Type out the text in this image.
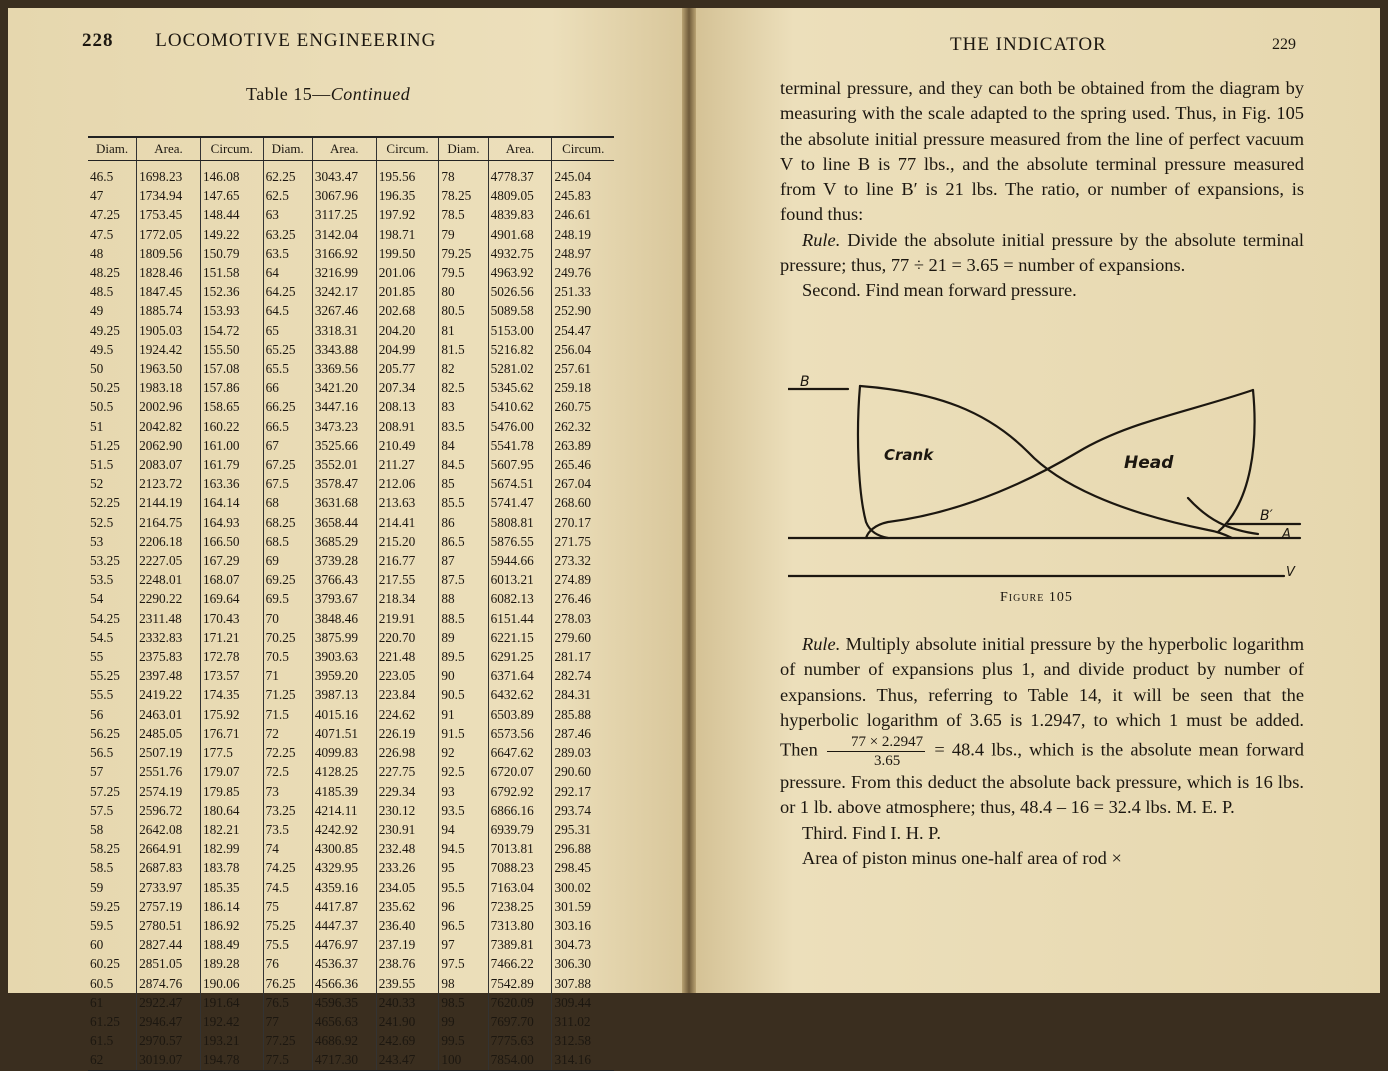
228 LOCOMOTIVE ENGINEERING
Table 15—Continued
Diam.	Area.	Circum.	Diam.	Area.	Circum.	Diam.	Area.	Circum.
46.5	1698.23	146.08	62.25	3043.47	195.56	78	4778.37	245.04
47	1734.94	147.65	62.5	3067.96	196.35	78.25	4809.05	245.83
47.25	1753.45	148.44	63	3117.25	197.92	78.5	4839.83	246.61
47.5	1772.05	149.22	63.25	3142.04	198.71	79	4901.68	248.19
48	1809.56	150.79	63.5	3166.92	199.50	79.25	4932.75	248.97
48.25	1828.46	151.58	64	3216.99	201.06	79.5	4963.92	249.76
48.5	1847.45	152.36	64.25	3242.17	201.85	80	5026.56	251.33
49	1885.74	153.93	64.5	3267.46	202.68	80.5	5089.58	252.90
49.25	1905.03	154.72	65	3318.31	204.20	81	5153.00	254.47
49.5	1924.42	155.50	65.25	3343.88	204.99	81.5	5216.82	256.04
50	1963.50	157.08	65.5	3369.56	205.77	82	5281.02	257.61
50.25	1983.18	157.86	66	3421.20	207.34	82.5	5345.62	259.18
50.5	2002.96	158.65	66.25	3447.16	208.13	83	5410.62	260.75
51	2042.82	160.22	66.5	3473.23	208.91	83.5	5476.00	262.32
51.25	2062.90	161.00	67	3525.66	210.49	84	5541.78	263.89
51.5	2083.07	161.79	67.25	3552.01	211.27	84.5	5607.95	265.46
52	2123.72	163.36	67.5	3578.47	212.06	85	5674.51	267.04
52.25	2144.19	164.14	68	3631.68	213.63	85.5	5741.47	268.60
52.5	2164.75	164.93	68.25	3658.44	214.41	86	5808.81	270.17
53	2206.18	166.50	68.5	3685.29	215.20	86.5	5876.55	271.75
53.25	2227.05	167.29	69	3739.28	216.77	87	5944.66	273.32
53.5	2248.01	168.07	69.25	3766.43	217.55	87.5	6013.21	274.89
54	2290.22	169.64	69.5	3793.67	218.34	88	6082.13	276.46
54.25	2311.48	170.43	70	3848.46	219.91	88.5	6151.44	278.03
54.5	2332.83	171.21	70.25	3875.99	220.70	89	6221.15	279.60
55	2375.83	172.78	70.5	3903.63	221.48	89.5	6291.25	281.17
55.25	2397.48	173.57	71	3959.20	223.05	90	6371.64	282.74
55.5	2419.22	174.35	71.25	3987.13	223.84	90.5	6432.62	284.31
56	2463.01	175.92	71.5	4015.16	224.62	91	6503.89	285.88
56.25	2485.05	176.71	72	4071.51	226.19	91.5	6573.56	287.46
56.5	2507.19	177.5	72.25	4099.83	226.98	92	6647.62	289.03
57	2551.76	179.07	72.5	4128.25	227.75	92.5	6720.07	290.60
57.25	2574.19	179.85	73	4185.39	229.34	93	6792.92	292.17
57.5	2596.72	180.64	73.25	4214.11	230.12	93.5	6866.16	293.74
58	2642.08	182.21	73.5	4242.92	230.91	94	6939.79	295.31
58.25	2664.91	182.99	74	4300.85	232.48	94.5	7013.81	296.88
58.5	2687.83	183.78	74.25	4329.95	233.26	95	7088.23	298.45
59	2733.97	185.35	74.5	4359.16	234.05	95.5	7163.04	300.02
59.25	2757.19	186.14	75	4417.87	235.62	96	7238.25	301.59
59.5	2780.51	186.92	75.25	4447.37	236.40	96.5	7313.80	303.16
60	2827.44	188.49	75.5	4476.97	237.19	97	7389.81	304.73
60.25	2851.05	189.28	76	4536.37	238.76	97.5	7466.22	306.30
60.5	2874.76	190.06	76.25	4566.36	239.55	98	7542.89	307.88
61	2922.47	191.64	76.5	4596.35	240.33	98.5	7620.09	309.44
61.25	2946.47	192.42	77	4656.63	241.90	99	7697.70	311.02
61.5	2970.57	193.21	77.25	4686.92	242.69	99.5	7775.63	312.58
62	3019.07	194.78	77.5	4717.30	243.47	100	7854.00	314.16
THE INDICATOR	229

terminal pressure, and they can both be obtained from the diagram by measuring with the scale adapted to the spring used. Thus, in Fig. 105 the absolute initial pressure measured from the line of perfect vacuum V to line B is 77 lbs., and the absolute terminal pressure measured from V to line B′ is 21 lbs. The ratio, or number of expansions, is found thus:

Rule. Divide the absolute initial pressure by the absolute terminal pressure; thus, 77 ÷ 21 = 3.65 = number of expansions.

Second. Find mean forward pressure.

B
B′
A
V
Crank	Head
Figure 105

Rule. Multiply absolute initial pressure by the hyperbolic logarithm of number of expansions plus 1, and divide product by number of expansions. Thus, referring to Table 14, it will be seen that the hyperbolic logarithm of 3.65 is 1.2947, to which 1 must be added. Then $\frac{77 \times 2.2947}{3.65} = 48.4$ lbs., which is the absolute mean forward pressure. From this deduct the absolute back pressure, which is 16 lbs. or 1 lb. above atmosphere; thus, 48.4 – 16 = 32.4 lbs. M. E. P.

Third. Find I. H. P.

Area of piston minus one-half area of rod ×
